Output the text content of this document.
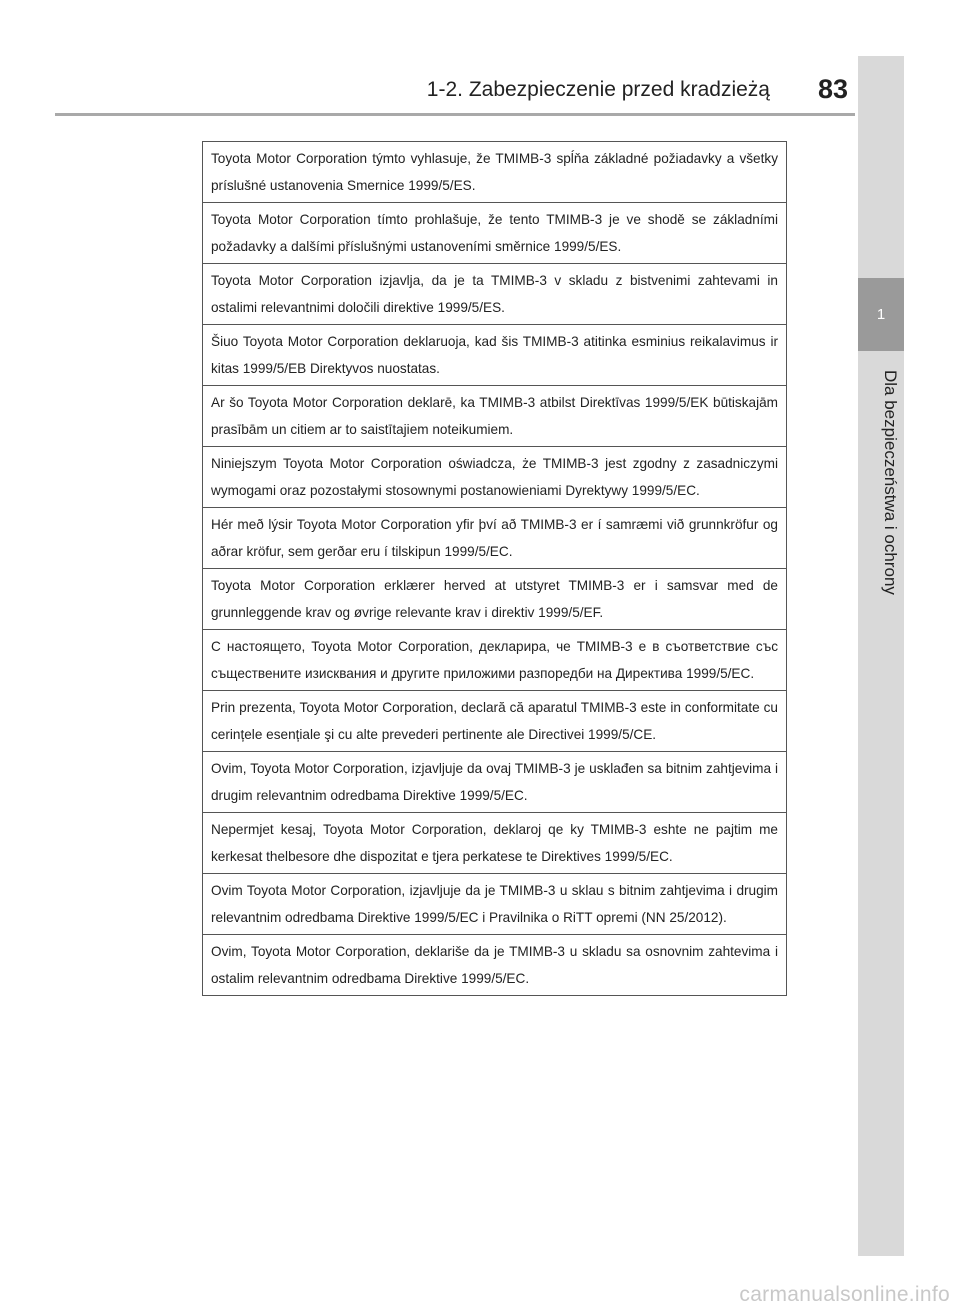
1-2. Zabezpieczenie przed kradzieżą	83
1
Dla bezpieczeństwa i ochrony
Toyota Motor Corporation týmto vyhlasuje, že TMIMB-3 spĺňa základné požiadavky a všetky príslušné ustanovenia Smernice 1999/5/ES.
Toyota Motor Corporation tímto prohlašuje, že tento TMIMB-3 je ve shodě se základními požadavky a dalšími příslušnými ustanoveními směrnice 1999/5/ES.
Toyota Motor Corporation izjavlja, da je ta TMIMB-3 v skladu z bistvenimi zahtevami in ostalimi relevantnimi določili direktive 1999/5/ES.
Šiuo Toyota Motor Corporation deklaruoja, kad šis TMIMB-3 atitinka esminius reikalavimus ir kitas 1999/5/EB Direktyvos nuostatas.
Ar šo Toyota Motor Corporation deklarē, ka TMIMB-3 atbilst Direktīvas 1999/5/EK būtiskajām prasībām un citiem ar to saistītajiem noteikumiem.
Niniejszym Toyota Motor Corporation oświadcza, że TMIMB-3 jest zgodny z zasadniczymi wymogami oraz pozostałymi stosownymi postanowieniami Dyrektywy 1999/5/EC.
Hér með lýsir Toyota Motor Corporation yfir því að TMIMB-3 er í samræmi við grunnkröfur og aðrar kröfur, sem gerðar eru í tilskipun 1999/5/EC.
Toyota Motor Corporation erklærer herved at utstyret TMIMB-3 er i samsvar med de grunnleggende krav og øvrige relevante krav i direktiv 1999/5/EF.
С настоящето, Toyota Motor Corporation, декларира, че TMIMB-3 е в съответствие със съществените изисквания и другите приложими разпоредби на Директива 1999/5/ЕС.
Prin prezenta, Toyota Motor Corporation, declară că aparatul TMIMB-3 este in conformitate cu cerințele esențiale şi cu alte prevederi pertinente ale Directivei 1999/5/CE.
Ovim, Toyota Motor Corporation, izjavljuje da ovaj TMIMB-3 je usklađen sa bitnim zahtjevima i drugim relevantnim odredbama Direktive 1999/5/EC.
Nepermjet kesaj, Toyota Motor Corporation, deklaroj qe ky TMIMB-3 eshte ne pajtim me kerkesat thelbesore dhe dispozitat e tjera perkatese te Direktives 1999/5/EC.
Ovim Toyota Motor Corporation, izjavljuje da je TMIMB-3 u sklau s bitnim zahtjevima i drugim relevantnim odredbama Direktive 1999/5/EC i Pravilnika o RiTT opremi (NN 25/2012).
Ovim, Toyota Motor Corporation, deklariše da je TMIMB-3 u skladu sa osnovnim zahtevima i ostalim relevantnim odredbama Direktive 1999/5/EC.
carmanualsonline.info
